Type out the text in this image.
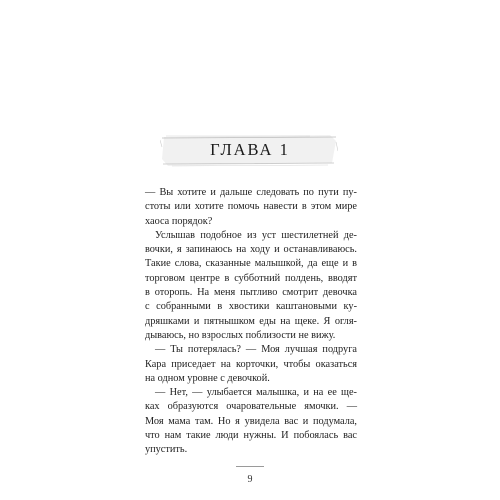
ГЛАВА 1
— Вы хотите и дальше следовать по пути пу-
стоты или хотите помочь навести в этом мире
хаоса порядок?
Услышав подобное из уст шестилетней де-
вочки, я запинаюсь на ходу и останавливаюсь.
Такие слова, сказанные малышкой, да еще и в
торговом центре в субботний полдень, вводят
в оторопь. На меня пытливо смотрит девочка
с собранными в хвостики каштановыми ку-
дряшками и пятнышком еды на щеке. Я огля-
дываюсь, но взрослых поблизости не вижу.
— Ты потерялась? — Моя лучшая подруга
Кара приседает на корточки, чтобы оказаться
на одном уровне с девочкой.
— Нет, — улыбается малышка, и на ее ще-
ках образуются очаровательные ямочки. —
Моя мама там. Но я увидела вас и подумала,
что нам такие люди нужны. И побоялась вас
упустить.
9
